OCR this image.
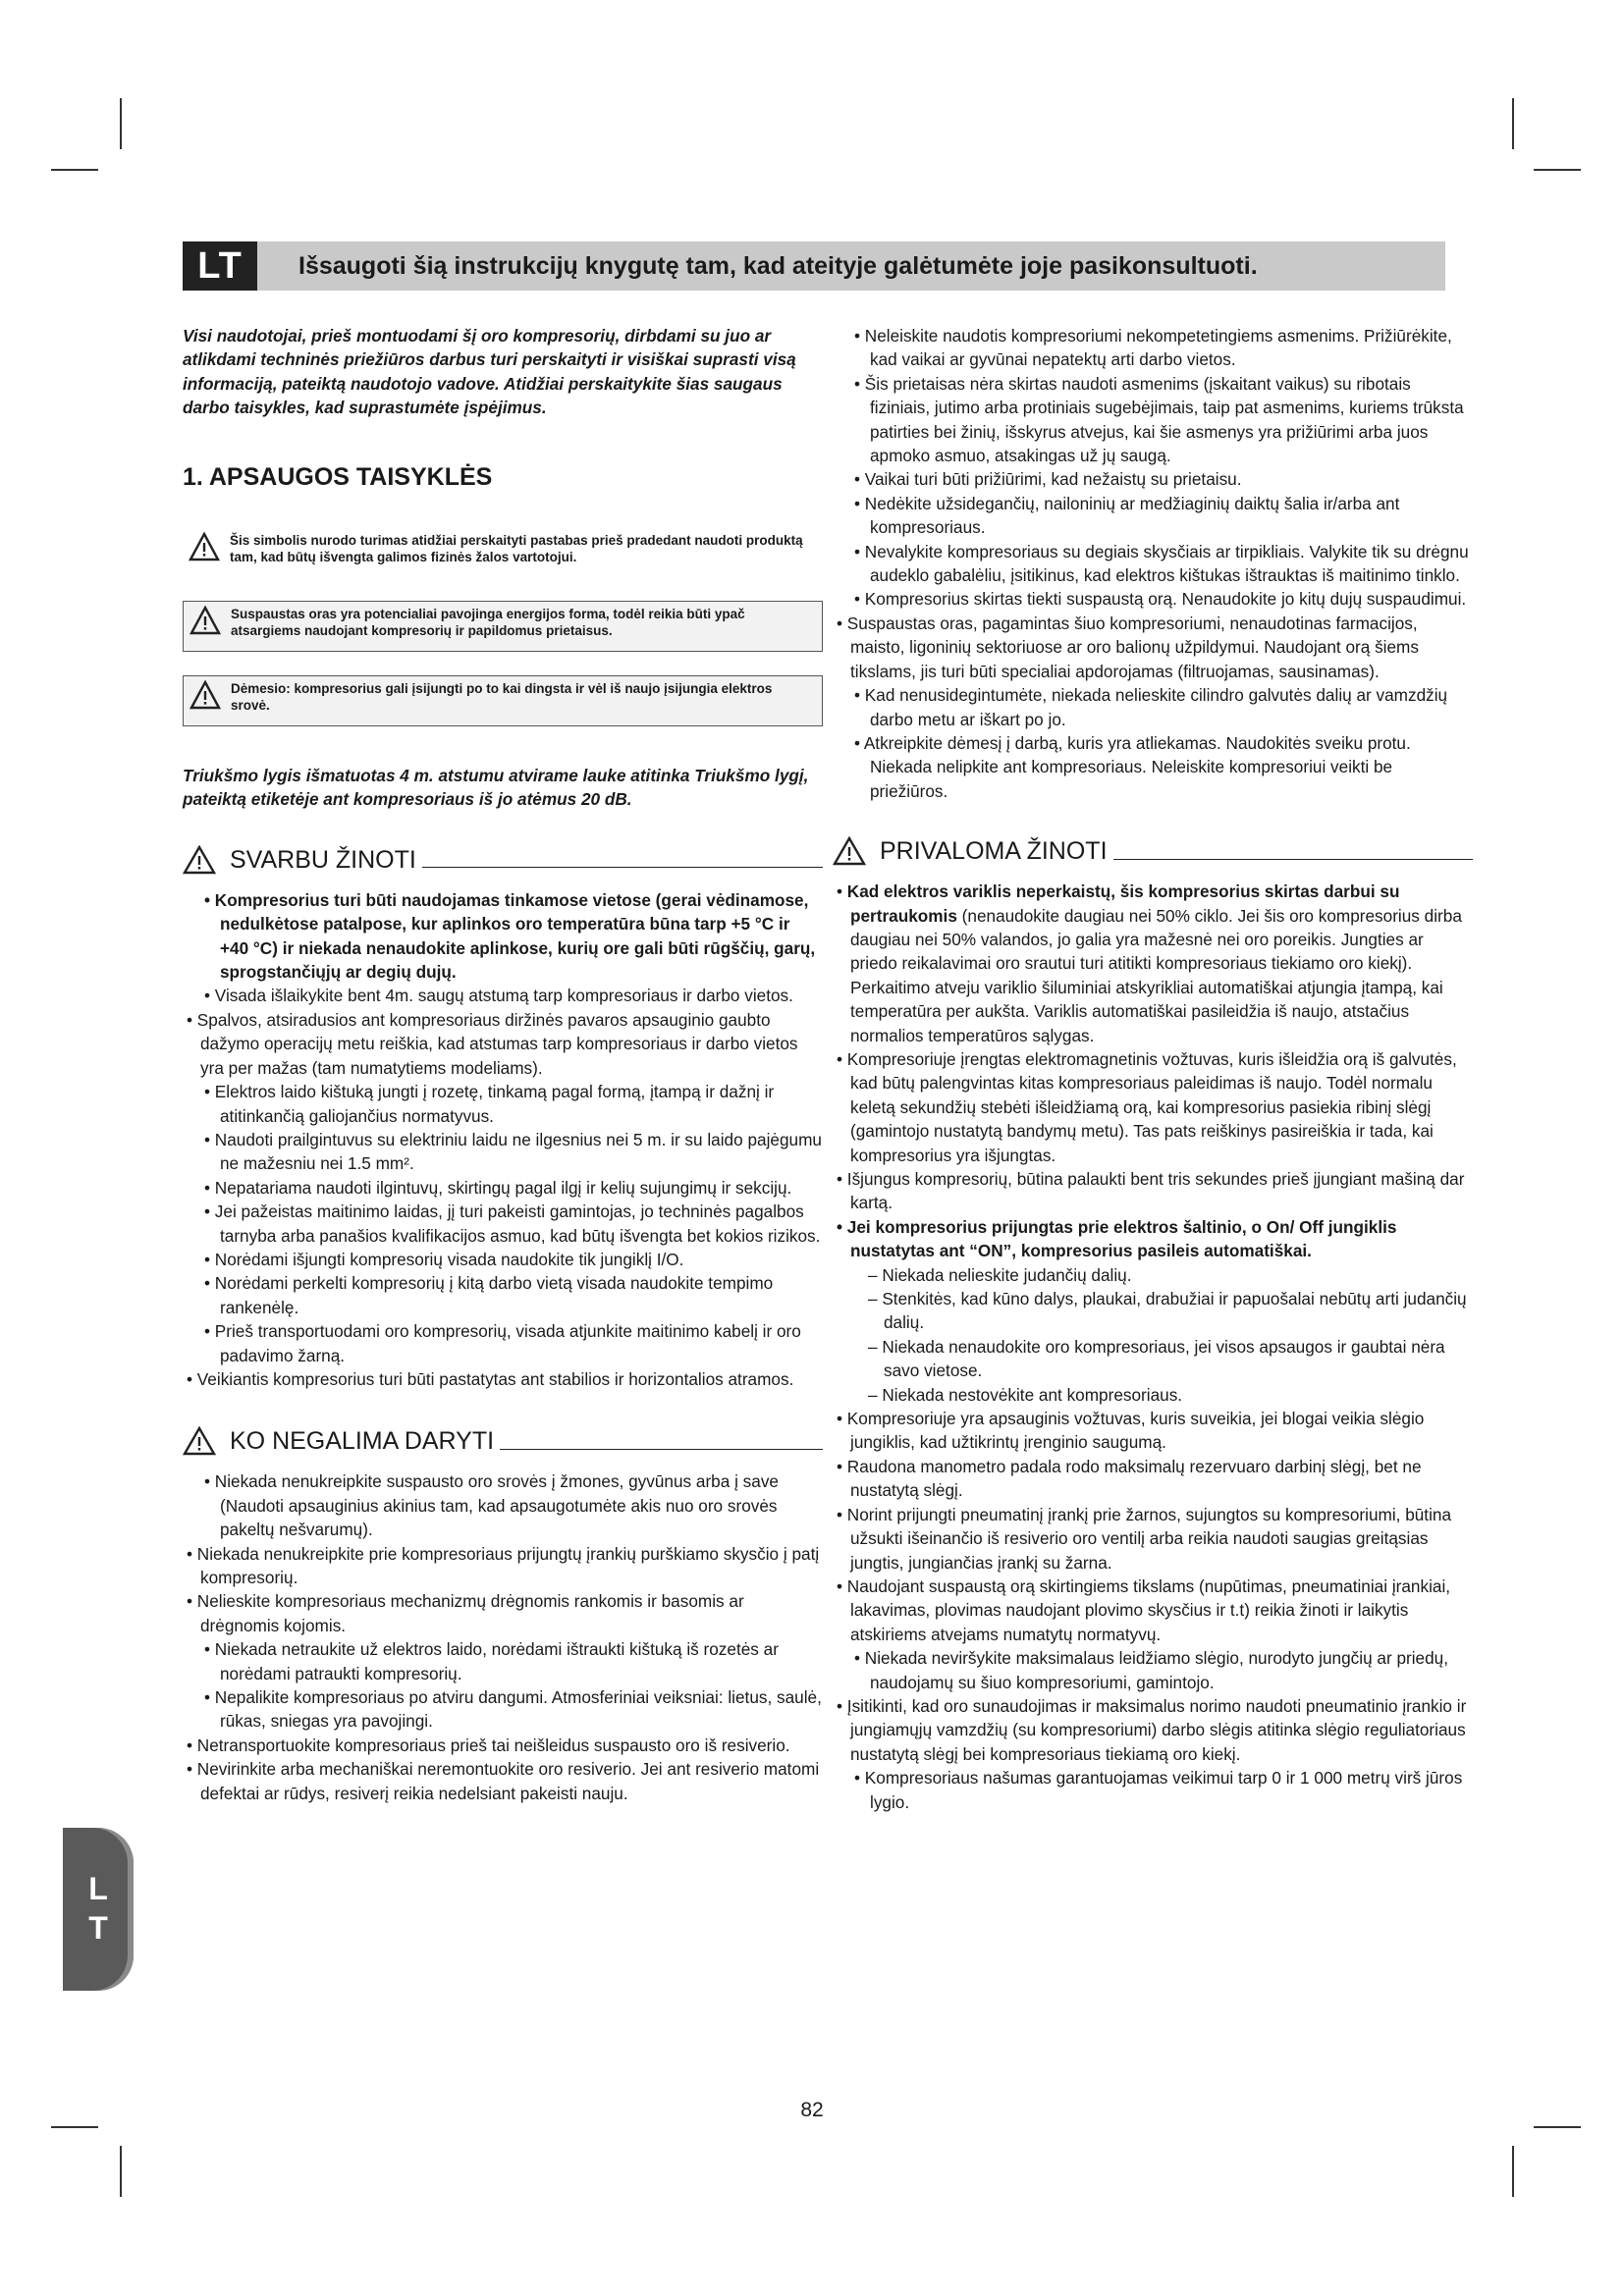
LT	Išsaugoti šią instrukcijų knygutę tam, kad ateityje galėtumėte joje pasikonsultuoti.

Visi naudotojai, prieš montuodami šį oro kompresorių, dirbdami su juo ar atlikdami techninės priežiūros darbus turi perskaityti ir visiškai suprasti visą informaciją, pateiktą naudotojo vadove. Atidžiai perskaitykite šias saugaus darbo taisykles, kad suprastumėte įspėjimus.

1. APSAUGOS TAISYKLĖS
Šis simbolis nurodo turimas atidžiai perskaityti pastabas prieš pradedant naudoti produktą tam, kad būtų išvengta galimos fizinės žalos vartotojui.
Suspaustas oras yra potencialiai pavojinga energijos forma, todėl reikia būti ypač atsargiems naudojant kompresorių ir papildomus prietaisus.
Dėmesio: kompresorius gali įsijungti po to kai dingsta ir vėl iš naujo įsijungia elektros srovė.

Triukšmo lygis išmatuotas 4 m. atstumu atvirame lauke atitinka Triukšmo lygį, pateiktą etiketėje ant kompresoriaus iš jo atėmus 20 dB.

SVARBU ŽINOTI

• Kompresorius turi būti naudojamas tinkamose vietose (gerai vėdinamose, nedulkėtose patalpose, kur aplinkos oro temperatūra būna tarp +5 °C ir +40 °C) ir niekada nenaudokite aplinkose, kurių ore gali būti rūgščių, garų, sprogstančiųjų ar degių dujų.

• Visada išlaikykite bent 4m. saugų atstumą tarp kompresoriaus ir darbo vietos.

• Spalvos, atsiradusios ant kompresoriaus diržinės pavaros apsauginio gaubto dažymo operacijų metu reiškia, kad atstumas tarp kompresoriaus ir darbo vietos yra per mažas (tam numatytiems modeliams).

• Elektros laido kištuką jungti į rozetę, tinkamą pagal formą, įtampą ir dažnį ir atitinkančią galiojančius normatyvus.

• Naudoti prailgintuvus su elektriniu laidu ne ilgesnius nei 5 m. ir su laido pajėgumu ne mažesniu nei 1.5 mm².

• Nepatariama naudoti ilgintuvų, skirtingų pagal ilgį ir kelių sujungimų ir sekcijų.

• Jei pažeistas maitinimo laidas, jį turi pakeisti gamintojas, jo techninės pagalbos tarnyba arba panašios kvalifikacijos asmuo, kad būtų išvengta bet kokios rizikos.

• Norėdami išjungti kompresorių visada naudokite tik jungiklį I/O.

• Norėdami perkelti kompresorių į kitą darbo vietą visada naudokite tempimo rankenėlę.

• Prieš transportuodami oro kompresorių, visada atjunkite maitinimo kabelį ir oro padavimo žarną.

• Veikiantis kompresorius turi būti pastatytas ant stabilios ir horizontalios atramos.

KO NEGALIMA DARYTI

• Niekada nenukreipkite suspausto oro srovės į žmones, gyvūnus arba į save (Naudoti apsauginius akinius tam, kad apsaugotumėte akis nuo oro srovės pakeltų nešvarumų).

• Niekada nenukreipkite prie kompresoriaus prijungtų įrankių purškiamo skysčio į patį kompresorių.

• Nelieskite kompresoriaus mechanizmų drėgnomis rankomis ir basomis ar drėgnomis kojomis.

• Niekada netraukite už elektros laido, norėdami ištraukti kištuką iš rozetės ar norėdami patraukti kompresorių.

• Nepalikite kompresoriaus po atviru dangumi. Atmosferiniai veiksniai: lietus, saulė, rūkas, sniegas yra pavojingi.

• Netransportuokite kompresoriaus prieš tai neišleidus suspausto oro iš resiverio.

• Nevirinkite arba mechaniškai neremontuokite oro resiverio. Jei ant resiverio matomi defektai ar rūdys, resiverį reikia nedelsiant pakeisti nauju.

• Neleiskite naudotis kompresoriumi nekompetetingiems asmenims. Prižiūrėkite, kad vaikai ar gyvūnai nepatektų arti darbo vietos.

• Šis prietaisas nėra skirtas naudoti asmenims (įskaitant vaikus) su ribotais fiziniais, jutimo arba protiniais sugebėjimais, taip pat asmenims, kuriems trūksta patirties bei žinių, išskyrus atvejus, kai šie asmenys yra prižiūrimi arba juos apmoko asmuo, atsakingas už jų saugą.

• Vaikai turi būti prižiūrimi, kad nežaistų su prietaisu.

• Nedėkite užsidegančių, nailoninių ar medžiaginių daiktų šalia ir/arba ant kompresoriaus.

• Nevalykite kompresoriaus su degiais skysčiais ar tirpikliais. Valykite tik su drėgnu audeklo gabalėliu, įsitikinus, kad elektros kištukas ištrauktas iš maitinimo tinklo.

• Kompresorius skirtas tiekti suspaustą orą. Nenaudokite jo kitų dujų suspaudimui.

• Suspaustas oras, pagamintas šiuo kompresoriumi, nenaudotinas farmacijos, maisto, ligoninių sektoriuose ar oro balionų užpildymui. Naudojant orą šiems tikslams, jis turi būti specialiai apdorojamas (filtruojamas, sausinamas).

• Kad nenusidegintumėte, niekada nelieskite cilindro galvutės dalių ar vamzdžių darbo metu ar iškart po jo.

• Atkreipkite dėmesį į darbą, kuris yra atliekamas. Naudokitės sveiku protu. Niekada nelipkite ant kompresoriaus. Neleiskite kompresoriui veikti be priežiūros.

PRIVALOMA ŽINOTI

• Kad elektros variklis neperkaistų, šis kompresorius skirtas darbui su pertraukomis (nenaudokite daugiau nei 50% ciklo. Jei šis oro kompresorius dirba daugiau nei 50% valandos, jo galia yra mažesnė nei oro poreikis. Jungties ar priedo reikalavimai oro srautui turi atitikti kompresoriaus tiekiamo oro kiekį). Perkaitimo atveju variklio šiluminiai atskyrikliai automatiškai atjungia įtampą, kai temperatūra per aukšta. Variklis automatiškai pasileidžia iš naujo, atstačius normalios temperatūros sąlygas.

• Kompresoriuje įrengtas elektromagnetinis vožtuvas, kuris išleidžia orą iš galvutės, kad būtų palengvintas kitas kompresoriaus paleidimas iš naujo. Todėl normalu keletą sekundžių stebėti išleidžiamą orą, kai kompresorius pasiekia ribinį slėgį (gamintojo nustatytą bandymų metu). Tas pats reiškinys pasireiškia ir tada, kai kompresorius yra išjungtas.

• Išjungus kompresorių, būtina palaukti bent tris sekundes prieš įjungiant mašiną dar kartą.

• Jei kompresorius prijungtas prie elektros šaltinio, o On/ Off jungiklis nustatytas ant “ON”, kompresorius pasileis automatiškai.

– Niekada nelieskite judančių dalių.

– Stenkitės, kad kūno dalys, plaukai, drabužiai ir papuošalai nebūtų arti judančių dalių.

– Niekada nenaudokite oro kompresoriaus, jei visos apsaugos ir gaubtai nėra savo vietose.

– Niekada nestovėkite ant kompresoriaus.

• Kompresoriuje yra apsauginis vožtuvas, kuris suveikia, jei blogai veikia slėgio jungiklis, kad užtikrintų įrenginio saugumą.

• Raudona manometro padala rodo maksimalų rezervuaro darbinį slėgį, bet ne nustatytą slėgį.

• Norint prijungti pneumatinį įrankį prie žarnos, sujungtos su kompresoriumi, būtina užsukti išeinančio iš resiverio oro ventilį arba reikia naudoti saugias greitąsias jungtis, jungiančias įrankį su žarna.

• Naudojant suspaustą orą skirtingiems tikslams (nupūtimas, pneumatiniai įrankiai, lakavimas, plovimas naudojant plovimo skysčius ir t.t) reikia žinoti ir laikytis atskiriems atvejams numatytų normatyvų.

• Niekada neviršykite maksimalaus leidžiamo slėgio, nurodyto jungčių ar priedų, naudojamų su šiuo kompresoriumi, gamintojo.

• Įsitikinti, kad oro sunaudojimas ir maksimalus norimo naudoti pneumatinio įrankio ir jungiamųjų vamzdžių (su kompresoriumi) darbo slėgis atitinka slėgio reguliatoriaus nustatytą slėgį bei kompresoriaus tiekiamą oro kiekį.

• Kompresoriaus našumas garantuojamas veikimui tarp 0 ir 1 000 metrų virš jūros lygio.

L
T
82
